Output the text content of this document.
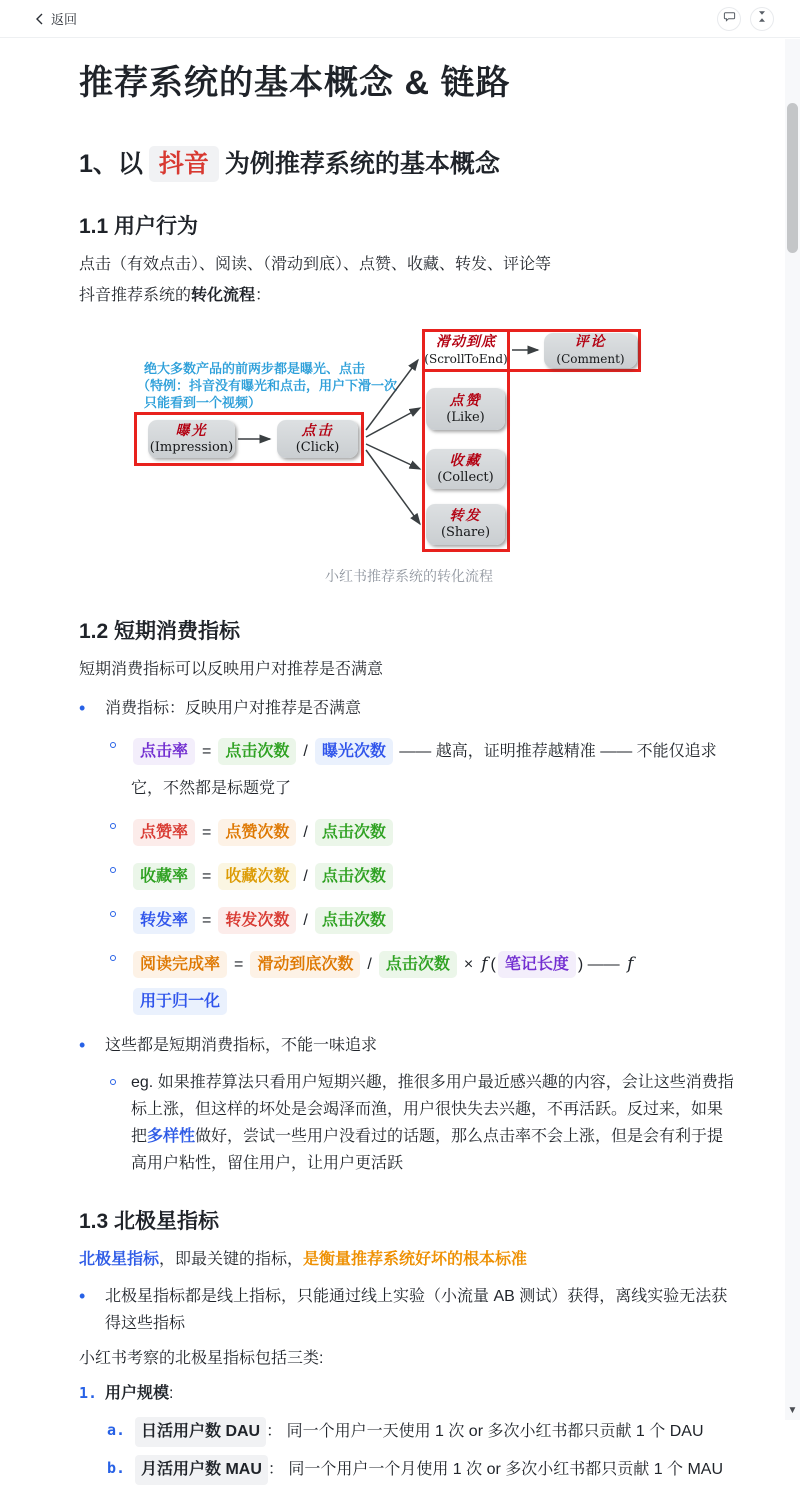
返回
推荐系统的基本概念 & 链路
1、以 抖音 为例推荐系统的基本概念
1.1 用户行为

点击（有效点击）、阅读、（滑动到底）、点赞、收藏、转发、评论等

抖音推荐系统的转化流程：

绝大多数产品的前两步都是曝光、点击
（特例：抖音没有曝光和点击，用户下滑一次
只能看到一个视频）
曝光
(Impression)
点击
(Click)
滑动到底
(ScrollToEnd)
评论
(Comment)
点赞
(Like)
收藏
(Collect)
转发
(Share)
小红书推荐系统的转化流程
1.2 短期消费指标

短期消费指标可以反映用户对推荐是否满意

•	消费指标：反映用户对推荐是否满意
点击率 = 点击次数 / 曝光次数 —— 越高，证明推荐越精准 —— 不能仅追求它，不然都是标题党了
点赞率 = 点赞次数 / 点击次数
收藏率 = 收藏次数 / 点击次数
转发率 = 转发次数 / 点击次数
阅读完成率 = 滑动到底次数 / 点击次数 × f ( 笔记长度 ) —— f 用于归一化
•	这些都是短期消费指标，不能一味追求
eg. 如果推荐算法只看用户短期兴趣，推很多用户最近感兴趣的内容，会让这些消费指标上涨，但这样的坏处是会竭泽而渔，用户很快失去兴趣，不再活跃。反过来，如果把多样性做好，尝试一些用户没看过的话题，那么点击率不会上涨，但是会有利于提高用户粘性，留住用户，让用户更活跃
1.3 北极星指标

北极星指标，即最关键的指标，是衡量推荐系统好坏的根本标准

•	北极星指标都是线上指标，只能通过线上实验（小流量 AB 测试）获得，离线实验无法获得这些指标

小红书考察的北极星指标包括三类:

1. 用户规模:
a. 日活用户数 DAU ： 同一个用户一天使用 1 次 or 多次小红书都只贡献 1 个 DAU
b. 月活用户数 MAU ： 同一个用户一个月使用 1 次 or 多次小红书都只贡献 1 个 MAU
▼
